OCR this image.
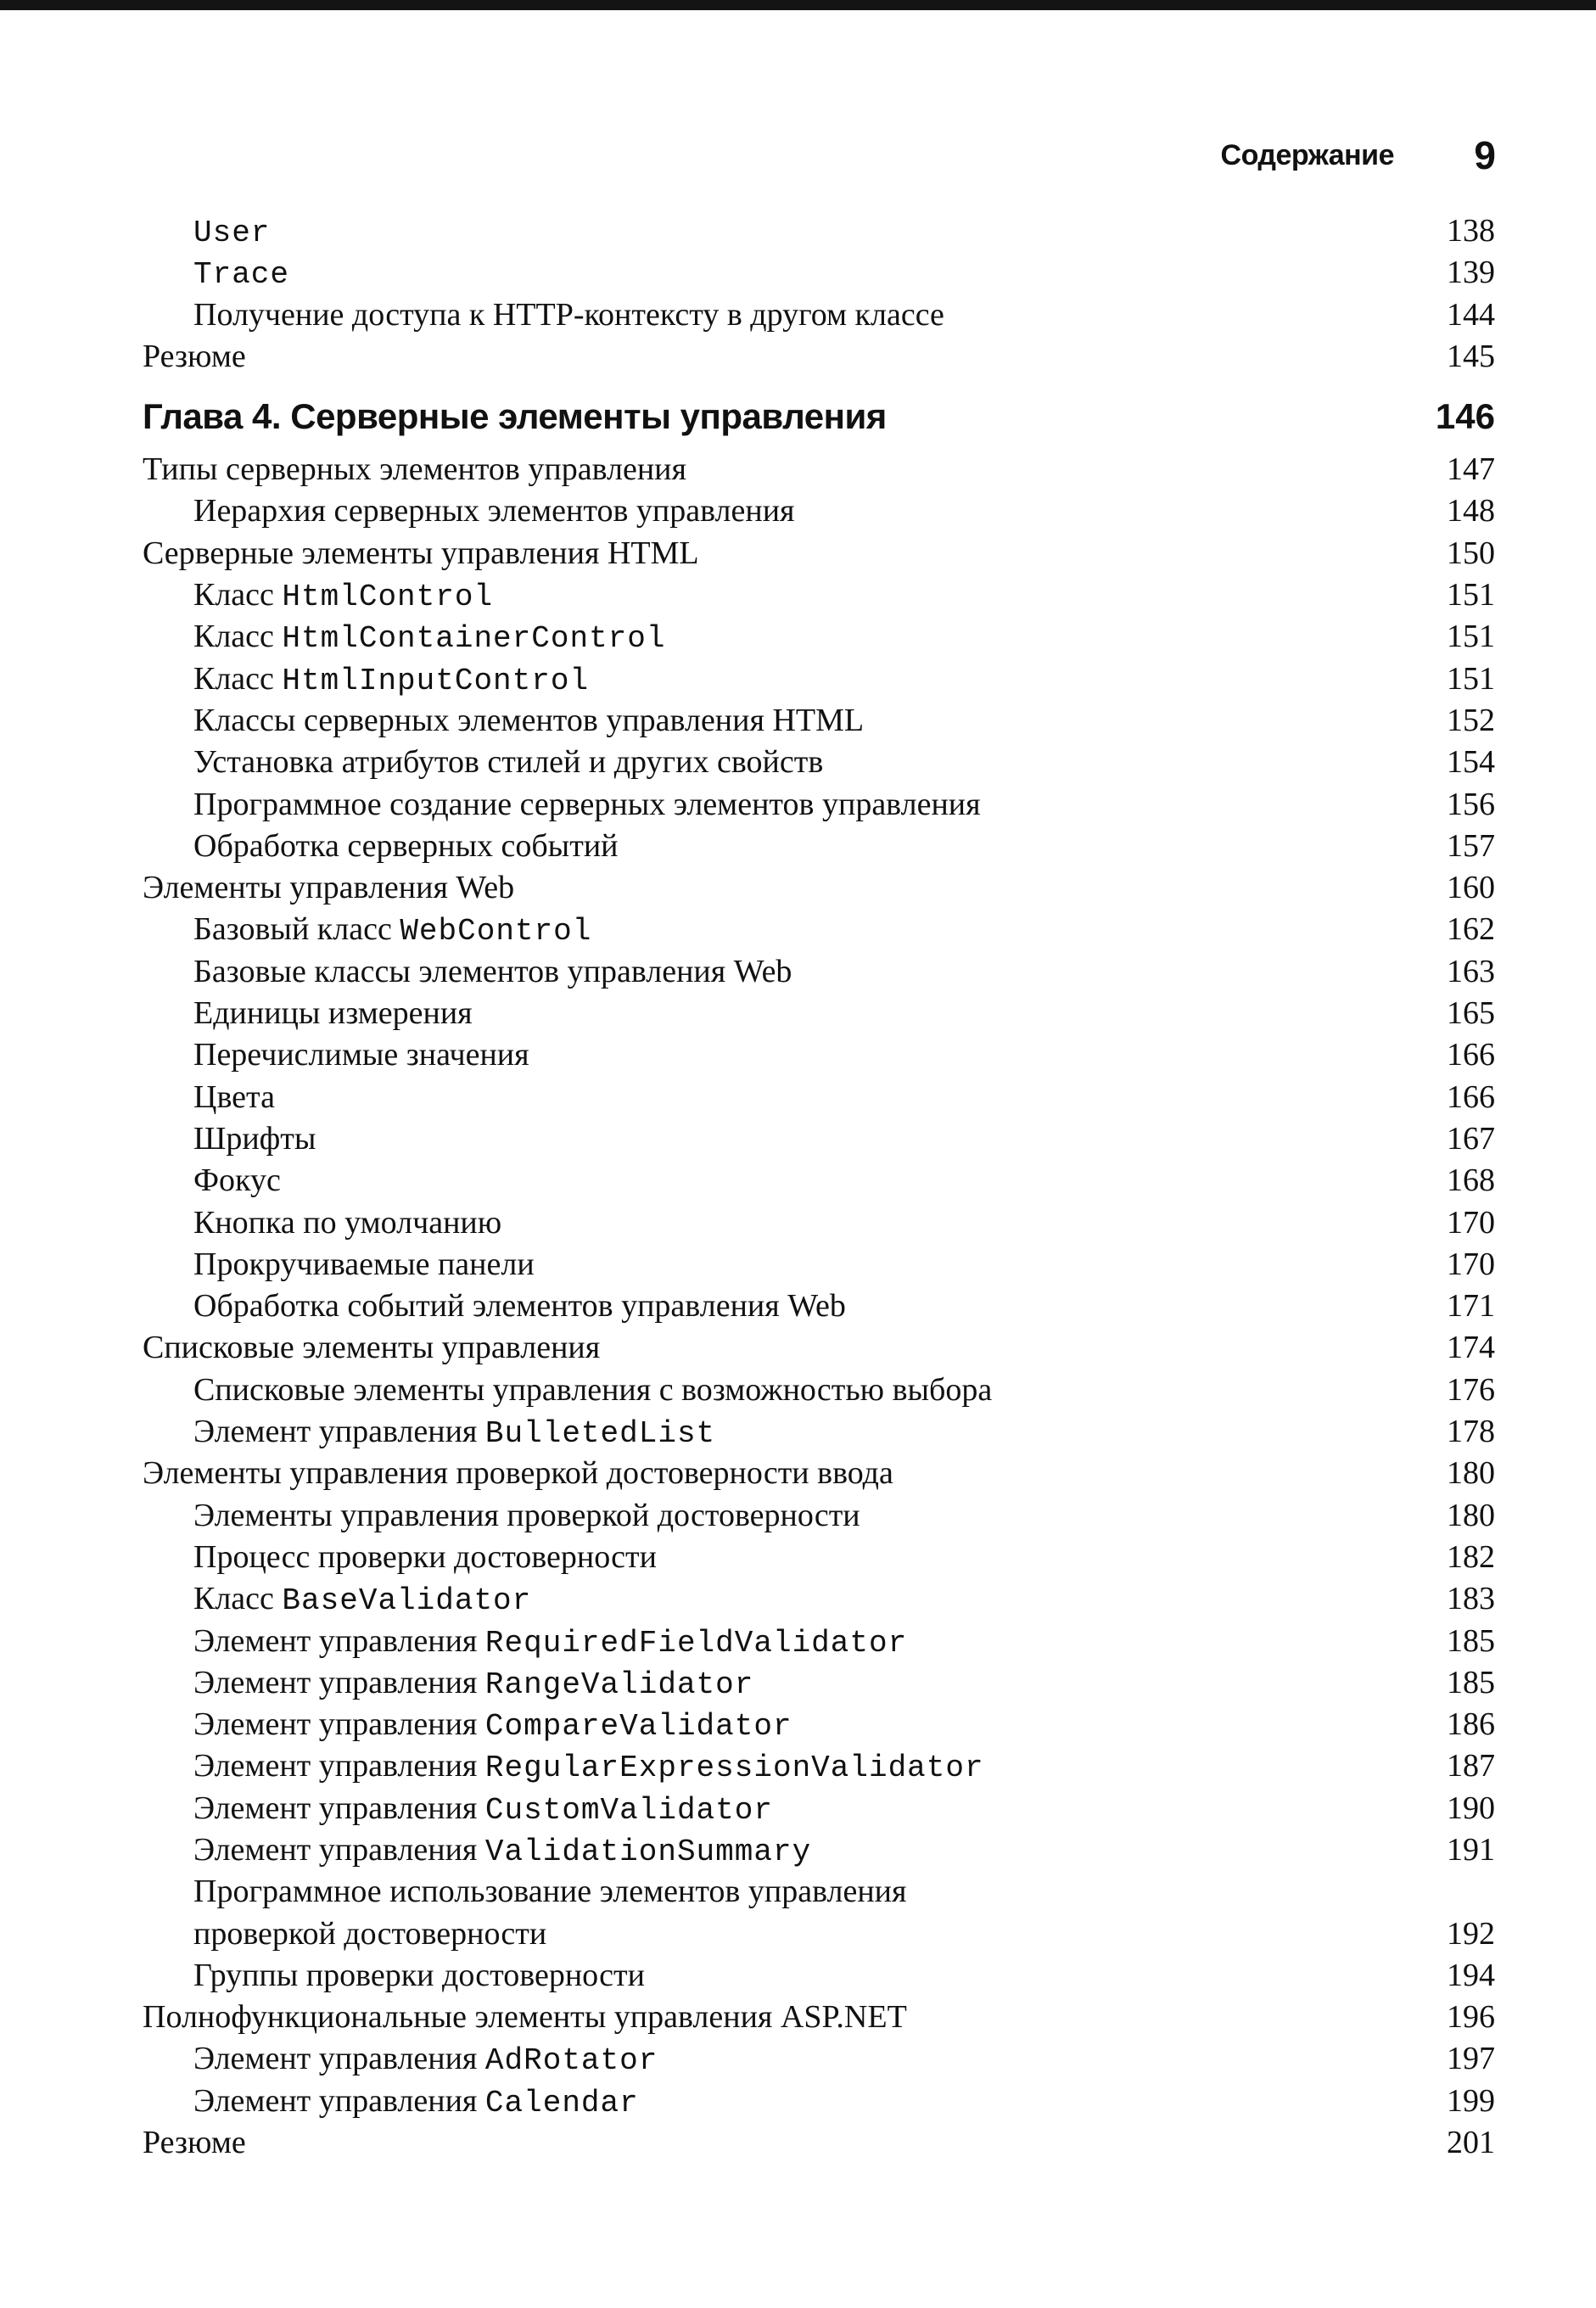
Содержание 9
User	138
Trace	139
Получение доступа к HTTP-контексту в другом классе	144
Резюме	145
Глава 4. Серверные элементы управления	146
Типы серверных элементов управления	147
Иерархия серверных элементов управления	148
Серверные элементы управления HTML	150
Класс HtmlControl	151
Класс HtmlContainerControl	151
Класс HtmlInputControl	151
Классы серверных элементов управления HTML	152
Установка атрибутов стилей и других свойств	154
Программное создание серверных элементов управления	156
Обработка серверных событий	157
Элементы управления Web	160
Базовый класс WebControl	162
Базовые классы элементов управления Web	163
Единицы измерения	165
Перечислимые значения	166
Цвета	166
Шрифты	167
Фокус	168
Кнопка по умолчанию	170
Прокручиваемые панели	170
Обработка событий элементов управления Web	171
Списковые элементы управления	174
Списковые элементы управления с возможностью выбора	176
Элемент управления BulletedList	178
Элементы управления проверкой достоверности ввода	180
Элементы управления проверкой достоверности	180
Процесс проверки достоверности	182
Класс BaseValidator	183
Элемент управления RequiredFieldValidator	185
Элемент управления RangeValidator	185
Элемент управления CompareValidator	186
Элемент управления RegularExpressionValidator	187
Элемент управления CustomValidator	190
Элемент управления ValidationSummary	191
Программное использование элементов управления
проверкой достоверности	192
Группы проверки достоверности	194
Полнофункциональные элементы управления ASP.NET	196
Элемент управления AdRotator	197
Элемент управления Calendar	199
Резюме	201
